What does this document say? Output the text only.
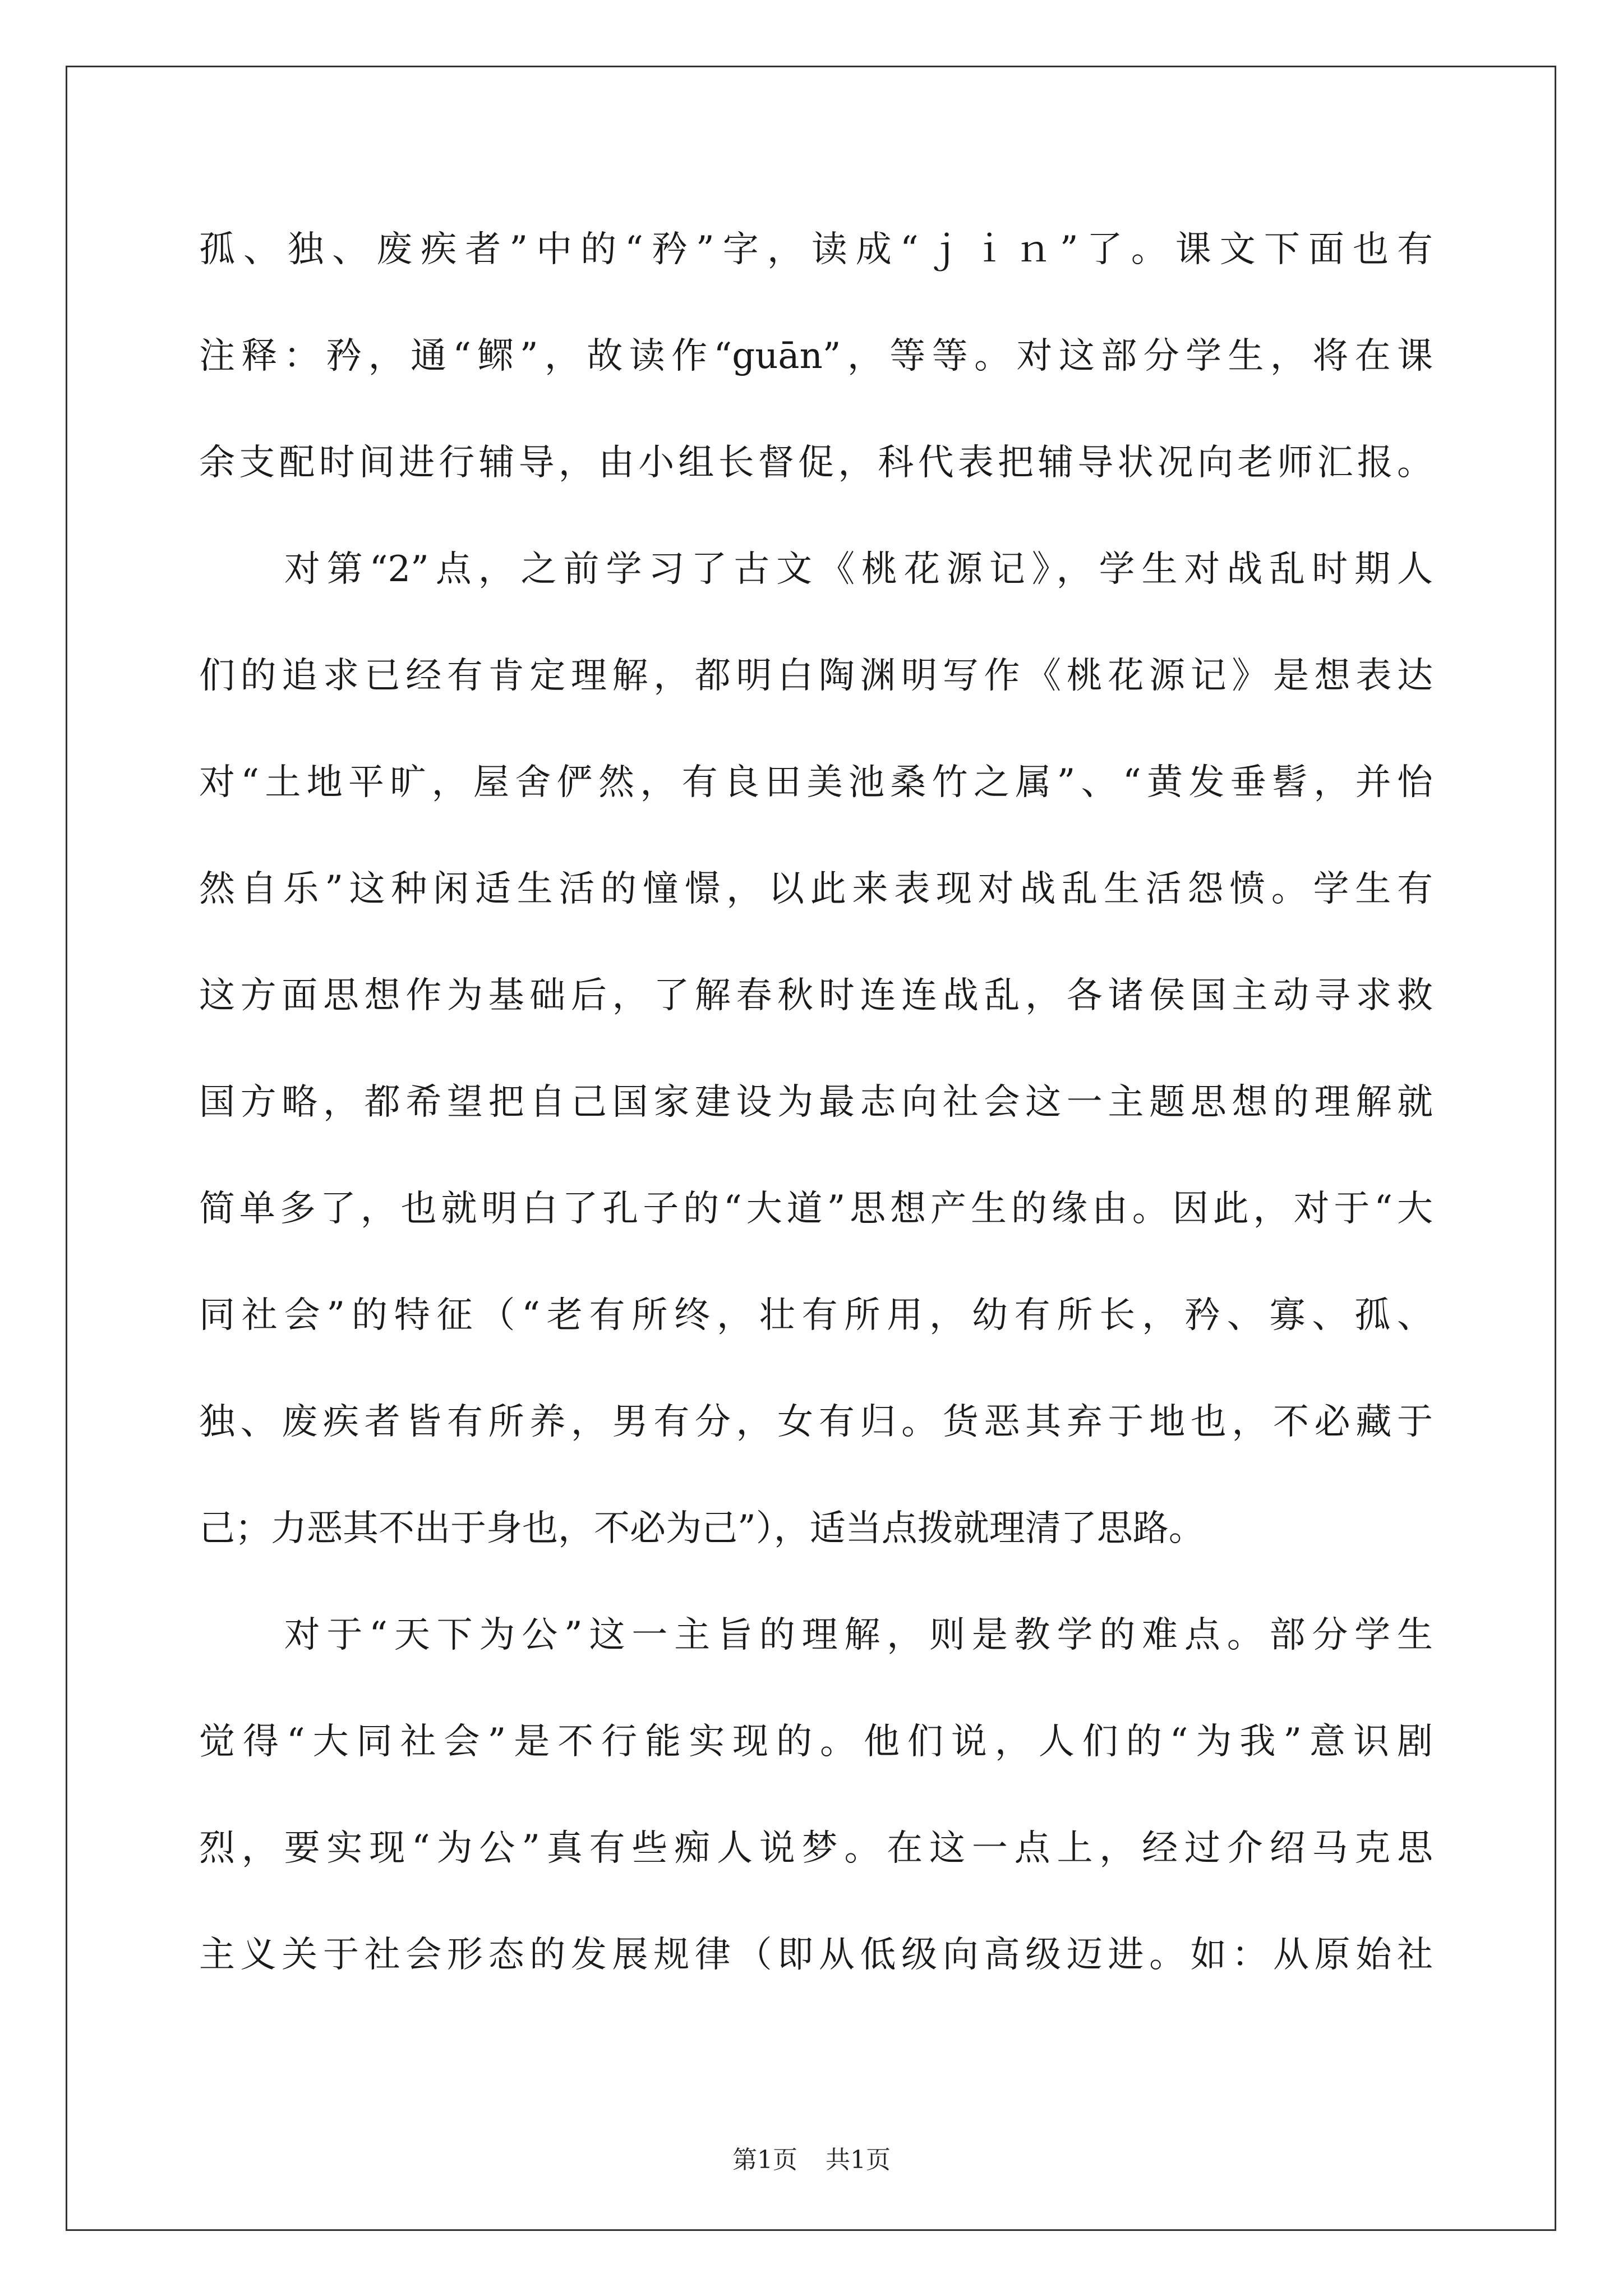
孤、独、废疾者”中的“矜”字，读成“ｊｉｎ”了。课文下面也有
注释：矜，通“鳏”，故读作“guān”，等等。对这部分学生，将在课
余支配时间进行辅导，由小组长督促，科代表把辅导状况向老师汇报。
　　对第“2”点，之前学习了古文《桃花源记》，学生对战乱时期人
们的追求已经有肯定理解，都明白陶渊明写作《桃花源记》是想表达
对“土地平旷，屋舍俨然，有良田美池桑竹之属”、“黄发垂髫，并怡
然自乐”这种闲适生活的憧憬，以此来表现对战乱生活怨愤。学生有
这方面思想作为基础后，了解春秋时连连战乱，各诸侯国主动寻求救
国方略，都希望把自己国家建设为最志向社会这一主题思想的理解就
简单多了，也就明白了孔子的“大道”思想产生的缘由。因此，对于“大
同社会”的特征（“老有所终，壮有所用，幼有所长，矜、寡、孤、
独、废疾者皆有所养，男有分，女有归。货恶其弃于地也，不必藏于
己；力恶其不出于身也，不必为己”），适当点拨就理清了思路。
　　对于“天下为公”这一主旨的理解，则是教学的难点。部分学生
觉得“大同社会”是不行能实现的。他们说，人们的“为我”意识剧
烈，要实现“为公”真有些痴人说梦。在这一点上，经过介绍马克思
主义关于社会形态的发展规律（即从低级向高级迈进。如：从原始社
第1页 共1页
